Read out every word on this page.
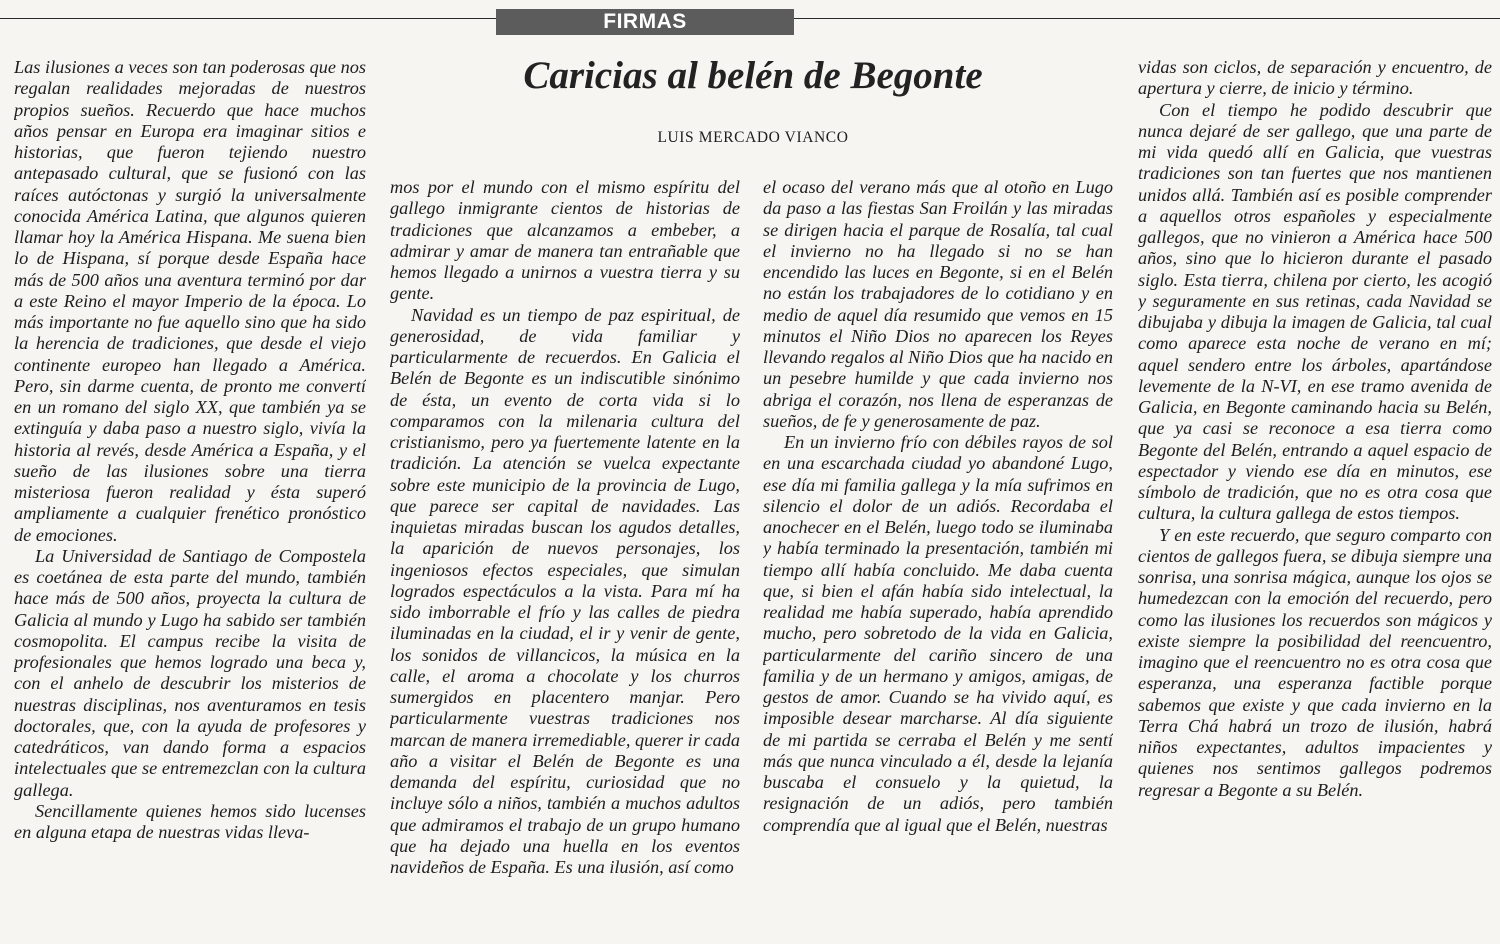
FIRMAS
Caricias al belén de Begonte
LUIS MERCADO VIANCO

Las ilusiones a veces son tan poderosas que nos regalan realidades mejoradas de nuestros propios sueños. Recuerdo que hace muchos años pensar en Europa era imaginar sitios e historias, que fueron tejiendo nuestro antepasado cultural, que se fusionó con las raíces autóctonas y surgió la universalmente conocida América Latina, que algunos quieren llamar hoy la América Hispana. Me suena bien lo de Hispana, sí porque desde España hace más de 500 años una aventura terminó por dar a este Reino el mayor Imperio de la época. Lo más importante no fue aquello sino que ha sido la herencia de tradiciones, que desde el viejo continente europeo han llegado a América. Pero, sin darme cuenta, de pronto me convertí en un romano del siglo XX, que también ya se extinguía y daba paso a nuestro siglo, vivía la historia al revés, desde América a España, y el sueño de las ilusiones sobre una tierra misteriosa fueron realidad y ésta superó ampliamente a cualquier frenético pronóstico de emociones.

La Universidad de Santiago de Compostela es coetánea de esta parte del mundo, también hace más de 500 años, proyecta la cultura de Galicia al mundo y Lugo ha sabido ser también cosmopolita. El campus recibe la visita de profesionales que hemos logrado una beca y, con el anhelo de descubrir los misterios de nuestras disciplinas, nos aventuramos en tesis doctorales, que, con la ayuda de profesores y catedráticos, van dando forma a espacios intelectuales que se entremezclan con la cultura gallega.

Sencillamente quienes hemos sido lucenses en alguna etapa de nuestras vidas lleva-

mos por el mundo con el mismo espíritu del gallego inmigrante cientos de historias de tradiciones que alcanzamos a embeber, a admirar y amar de manera tan entrañable que hemos llegado a unirnos a vuestra tierra y su gente.

Navidad es un tiempo de paz espiritual, de generosidad, de vida familiar y particularmente de recuerdos. En Galicia el Belén de Begonte es un indiscutible sinónimo de ésta, un evento de corta vida si lo comparamos con la milenaria cultura del cristianismo, pero ya fuertemente latente en la tradición. La atención se vuelca expectante sobre este municipio de la provincia de Lugo, que parece ser capital de navidades. Las inquietas miradas buscan los agudos detalles, la aparición de nuevos personajes, los ingeniosos efectos especiales, que simulan logrados espectáculos a la vista. Para mí ha sido imborrable el frío y las calles de piedra iluminadas en la ciudad, el ir y venir de gente, los sonidos de villancicos, la música en la calle, el aroma a chocolate y los churros sumergidos en placentero manjar. Pero particularmente vuestras tradiciones nos marcan de manera irremediable, querer ir cada año a visitar el Belén de Begonte es una demanda del espíritu, curiosidad que no incluye sólo a niños, también a muchos adultos que admiramos el trabajo de un grupo humano que ha dejado una huella en los eventos navideños de España. Es una ilusión, así como

el ocaso del verano más que al otoño en Lugo da paso a las fiestas San Froilán y las miradas se dirigen hacia el parque de Rosalía, tal cual el invierno no ha llegado si no se han encendido las luces en Begonte, si en el Belén no están los trabajadores de lo cotidiano y en medio de aquel día resumido que vemos en 15 minutos el Niño Dios no aparecen los Reyes llevando regalos al Niño Dios que ha nacido en un pesebre humilde y que cada invierno nos abriga el corazón, nos llena de esperanzas de sueños, de fe y generosamente de paz.

En un invierno frío con débiles rayos de sol en una escarchada ciudad yo abandoné Lugo, ese día mi familia gallega y la mía sufrimos en silencio el dolor de un adiós. Recordaba el anochecer en el Belén, luego todo se iluminaba y había terminado la presentación, también mi tiempo allí había concluido. Me daba cuenta que, si bien el afán había sido intelectual, la realidad me había superado, había aprendido mucho, pero sobretodo de la vida en Galicia, particularmente del cariño sincero de una familia y de un hermano y amigos, amigas, de gestos de amor. Cuando se ha vivido aquí, es imposible desear marcharse. Al día siguiente de mi partida se cerraba el Belén y me sentí más que nunca vinculado a él, desde la lejanía buscaba el consuelo y la quietud, la resignación de un adiós, pero también comprendía que al igual que el Belén, nuestras

vidas son ciclos, de separación y encuentro, de apertura y cierre, de inicio y término.

Con el tiempo he podido descubrir que nunca dejaré de ser gallego, que una parte de mi vida quedó allí en Galicia, que vuestras tradiciones son tan fuertes que nos mantienen unidos allá. También así es posible comprender a aquellos otros españoles y especialmente gallegos, que no vinieron a América hace 500 años, sino que lo hicieron durante el pasado siglo. Esta tierra, chilena por cierto, les acogió y seguramente en sus retinas, cada Navidad se dibujaba y dibuja la imagen de Galicia, tal cual como aparece esta noche de verano en mí; aquel sendero entre los árboles, apartándose levemente de la N-VI, en ese tramo avenida de Galicia, en Begonte caminando hacia su Belén, que ya casi se reconoce a esa tierra como Begonte del Belén, entrando a aquel espacio de espectador y viendo ese día en minutos, ese símbolo de tradición, que no es otra cosa que cultura, la cultura gallega de estos tiempos.

Y en este recuerdo, que seguro comparto con cientos de gallegos fuera, se dibuja siempre una sonrisa, una sonrisa mágica, aunque los ojos se humedezcan con la emoción del recuerdo, pero como las ilusiones los recuerdos son mágicos y existe siempre la posibilidad del reencuentro, imagino que el reencuentro no es otra cosa que esperanza, una esperanza factible porque sabemos que existe y que cada invierno en la Terra Chá habrá un trozo de ilusión, habrá niños expectantes, adultos impacientes y quienes nos sentimos gallegos podremos regresar a Begonte a su Belén.
